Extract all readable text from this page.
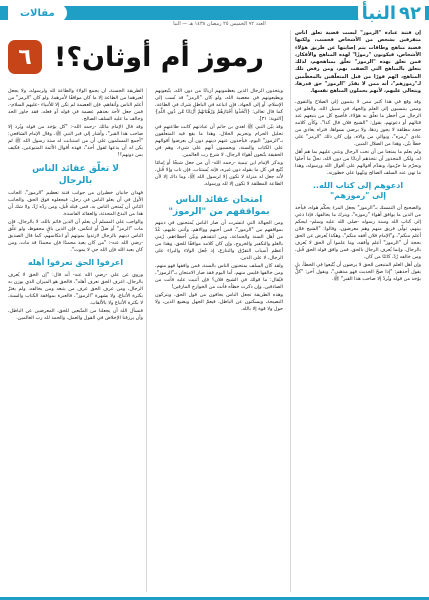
٩٢
النبأ
مقالات
العدد ٩٢ الخميس ٢٥ رمضان ١٤٣٨ هـ — النبأ
٦ رموز أم أوثان؟!

إن فتنة عبادة "الرموز" ليست قضية تعلّق أناس متفرقين بشخص من الأشخاص فحسب، ولكنها قضية مناهج وطاقات يتم إصابتها عن طريق هؤلاء الأشخاص، فيكونون "رموزًا" لهذه المناهج والأفكار، فمن تعلق بهذه "الرموز" تعلّق بمناهجهم، لذلك يتعلق بالمناهج التي اتّصفت بهم، ومن رفض تلك المناهج، اتّهم فورًا من قبل المتعلّقين بالمعظّمين لـ"رموزهم"، أنه ممن لا يقدّر "الرموز" حق قدرها، ويتعالى عليهم، لأنهم يحملون المناهج نفسها.

وقد وقع في هذا كثير ممن لا ينتمون إلى الصلاح والتقوى، وممن ينتسبون إلى العلم والجهاد في سبيل الله، والغلو في الرجال من أخطر ما تعلّق به هؤلاء، فأصبح كل من يتبعهم عند قتالهم أو دعوتهم، يقول: "الشيخ فلان قال كذا"، وكأن كلامه حجة مطلقة لا يجوز ردها، ولا يرضى بسواها، فتراه يعادي من عادى "رمزه"، ويوالي من والاه، وإن كان ذلك "الرمز" على خطأ بيّن، وهذا من الضلال المبين.

ولم يعلم ما يمنعنا من أن نحب الرجال ونثني عليهم بما هم أهل له، ولكن المحذور أن نتخذهم أربابًا من دون الله، نحلّ ما أحلوا ونحرّم ما حرّموا، ونقدّم أقوالهم على أقوال الله ورسوله، وهذا ما نهى عنه السلف الصالح ونبّهوا على خطورته.

ادعوهم إلى كتاب الله..
إلى "رموزهم"

والصحيح أن التمسك بـ"الرموز" يجعل المرء يحكّم هواه، فيأخذ من الدين ما يوافق أهواء "رموزه"، ويترك ما يخالفها، فإذا دعي إلى كتاب الله وسنة رسوله -صلى الله عليه وسلم- ليحكم بينهم، تولّى فريق منهم وهم معرضون، وقالوا: "الشيخ فلان أعلم منكم"، و"الإمام فلان أفقه منكم"، وهكذا يُعرض عن الحق بحجة أن "الرموز" أعلم وأفقه، وما علموا أن الحق لا يُعرف بالرجال، وإنما يُعرف الرجال بالحق، فمن وافق قوله الحق قُبل، ومن خالفه رُدّ، كائنًا من كان.

وإن أهل العلم المتبعين للحق لا يرضون أن يُتّبعوا في الخطأ، بل يقول أحدهم: "إذا صحّ الحديث فهو مذهبي"، ويقول آخر: "كلٌّ يؤخذ من قوله ويُردّ إلا صاحب هذا القبر" ﷺ.

ويتخذون الرجال الذين يعظّمونهم أربابًا من دون الله، يتّبعونهم ويطيعونهم في معصية الله، ولو كان "الرمز" قد نُسب إلى الإسلام، أو إلى الجهاد، فإن اتباعه في الباطل شرك في الطاعة، كما قال تعالى: {اتَّخَذُوا أَحْبَارَهُمْ وَرُهْبَانَهُمْ أَرْبَابًا مِّن دُونِ اللَّهِ} [التوبة: ٣١].

وقد بيّن النبي ﷺ لعدي بن حاتم أن عبادتهم كانت طاعتهم في تحليل الحرام وتحريم الحلال، وهذا ما يقع فيه المتعلّقون بـ"الرموز" اليوم، فيأخذون عنهم دينهم دون أن يعرضوا أقوالهم على الكتاب والسنة، ويحسبون أنهم على شيء، وهم في الحقيقة يتّبعون أهواء الرجال، لا شرع رب العالمين.

ويذكر الإمام ابن تيمية -رحمه الله- أن من جعل شيخًا أو إمامًا يُتّبع في كل ما يقوله دون غيره، فإنه يُستتاب، فإن تاب وإلا قُتل، لأنه جعل له منزلة لا تكون إلا لرسول الله ﷺ، وما ذاك إلا لأن الطاعة المطلقة لا تكون إلا لله ورسوله.

امتحان عقائد الناس
بمواقفهم من "الرموز"

ومن الجهالة التي انتشرت أن صار الناس يُمتحنون في دينهم بمواقفهم من "الرموز"، فمن أحبهم ووالاهم، وأثنى عليهم، عُدّ من أهل السنة والجماعة، ومن انتقدهم وبيّن أخطاءهم، رُمي بالغلو والتكفير والخروج، وإن كان كلامه موافقًا للحق، وهذا من أعظم أسباب التفرّق والتنازع، إذ جُعل الولاء والبراء على الرجال، لا على الدين.

ولقد كان السلف يمتحنون الناس بالسنة، فمن وافقها فهو منهم، ومن خالفها فليس منهم، أما اليوم فقد صار الامتحان بـ"الرموز"، فيُقال: ما قولك في الشيخ فلان؟ فإن أثنيت عليه فأنت من الصادقين، وإن ذكرت خطأه فأنت من الخوارج المارقين!

وهذه الطريقة تجعل الناس يخافون من قول الحق، ويتركون النصيحة، ويسكتون عن الباطل، فيعمّ الجهل ويضيع الدين، ولا حول ولا قوة إلا بالله.

الطريقة الحسنة، أن يجمع الولاء والطاعة لله ولرسوله، ولا يجعل لغيرهما من الطاعة إلا ما كان موافقًا لأمرهما، ولو كان "الرمز" من أعلم الناس وأتقاهم، فإن العصمة لم تكن إلا للأنبياء -عليهم السلام-، فمن جعل لأحد بعدهم عصمة في قوله أو فعله، فقد جاوز الحد وخالف ما عليه السلف الصالح.

وقد قال الإمام مالك -رحمه الله-: "كل يؤخذ من قوله ويُرد إلا صاحب هذا القبر"، وأشار إلى قبر النبي ﷺ، وقال الإمام الشافعي: "أجمع المسلمون على أن من استبانت له سنة رسول الله ﷺ لم يكن له أن يدعها لقول أحد"، فهذه أقوال الأئمة المتبوعين، فكيف بمن دونهم؟!

لا تعلّق عقائد الناس
بالرجال

فهذان جانبان خطيران من جوانب فتنة تعظيم "الرموز"، الجانب الأول في أن يغلو الناس في رجل، فيجعلوه فوق الحق، والجانب الثاني أن يُمتحن الناس به، فمن قبله قُبل، ومن ردّه رُدّ، ولا شك أن هذا من البدع المحدثة، والعقائد الفاسدة.

والواجب على المسلم أن يعلم أن الدين قائم بالله، لا بالرجال، فإن مات "الرمز" أو ضلّ أو انتكس، فإن الدين باقٍ محفوظ، ولو علّق الناس دينهم بالرجال لارتدوا بموتهم أو انتكاسهم، كما قال الصديق -رضي الله عنه-: "من كان يعبد محمدًا فإن محمدًا قد مات، ومن كان يعبد الله فإن الله حي لا يموت".

اعرفوا الحق تعرفوا أهله

وروي عن علي -رضي الله عنه- أنه قال: "إن الحق لا يُعرف بالرجال، اعرف الحق تعرف أهله"، فالحق هو الميزان الذي يوزن به الرجال، ومن عرف الحق عرف من يتبعه ومن يخالفه، ولم يغترّ بكثرة الأتباع، ولا بشهرة "الرموز"، فالعبرة بموافقة الكتاب والسنة، لا بكثرة الأتباع ولا بالألقاب.

فنسأل الله أن يجعلنا من المتّبعين للحق، المعرضين عن الباطل، وأن يرزقنا الإخلاص في القول والعمل، والحمد لله رب العالمين.
